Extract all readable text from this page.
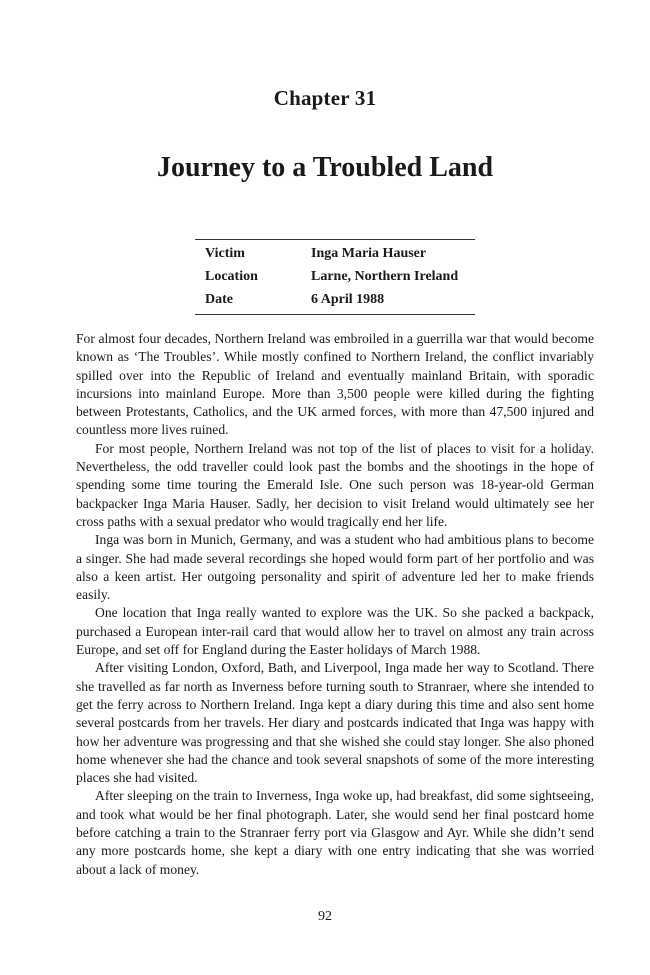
Chapter 31
Journey to a Troubled Land
Victim	Inga Maria Hauser
Location	Larne, Northern Ireland
Date	6 April 1988

For almost four decades, Northern Ireland was embroiled in a guerrilla war that would become known as ‘The Troubles’. While mostly confined to Northern Ireland, the conflict invariably spilled over into the Republic of Ireland and eventually mainland Britain, with sporadic incursions into mainland Europe. More than 3,500 people were killed during the fighting between Protestants, Catholics, and the UK armed forces, with more than 47,500 injured and countless more lives ruined.

For most people, Northern Ireland was not top of the list of places to visit for a holiday. Nevertheless, the odd traveller could look past the bombs and the shootings in the hope of spending some time touring the Emerald Isle. One such person was 18-year-old German backpacker Inga Maria Hauser. Sadly, her decision to visit Ireland would ultimately see her cross paths with a sexual predator who would tragically end her life.

Inga was born in Munich, Germany, and was a student who had ambitious plans to become a singer. She had made several recordings she hoped would form part of her portfolio and was also a keen artist. Her outgoing personality and spirit of adventure led her to make friends easily.

One location that Inga really wanted to explore was the UK. So she packed a backpack, purchased a European inter-rail card that would allow her to travel on almost any train across Europe, and set off for England during the Easter holidays of March 1988.

After visiting London, Oxford, Bath, and Liverpool, Inga made her way to Scotland. There she travelled as far north as Inverness before turning south to Stranraer, where she intended to get the ferry across to Northern Ireland. Inga kept a diary during this time and also sent home several postcards from her travels. Her diary and postcards indicated that Inga was happy with how her adventure was progressing and that she wished she could stay longer. She also phoned home whenever she had the chance and took several snapshots of some of the more interesting places she had visited.

After sleeping on the train to Inverness, Inga woke up, had breakfast, did some sightseeing, and took what would be her final photograph. Later, she would send her final postcard home before catching a train to the Stranraer ferry port via Glasgow and Ayr. While she didn’t send any more postcards home, she kept a diary with one entry indicating that she was worried about a lack of money.

92
